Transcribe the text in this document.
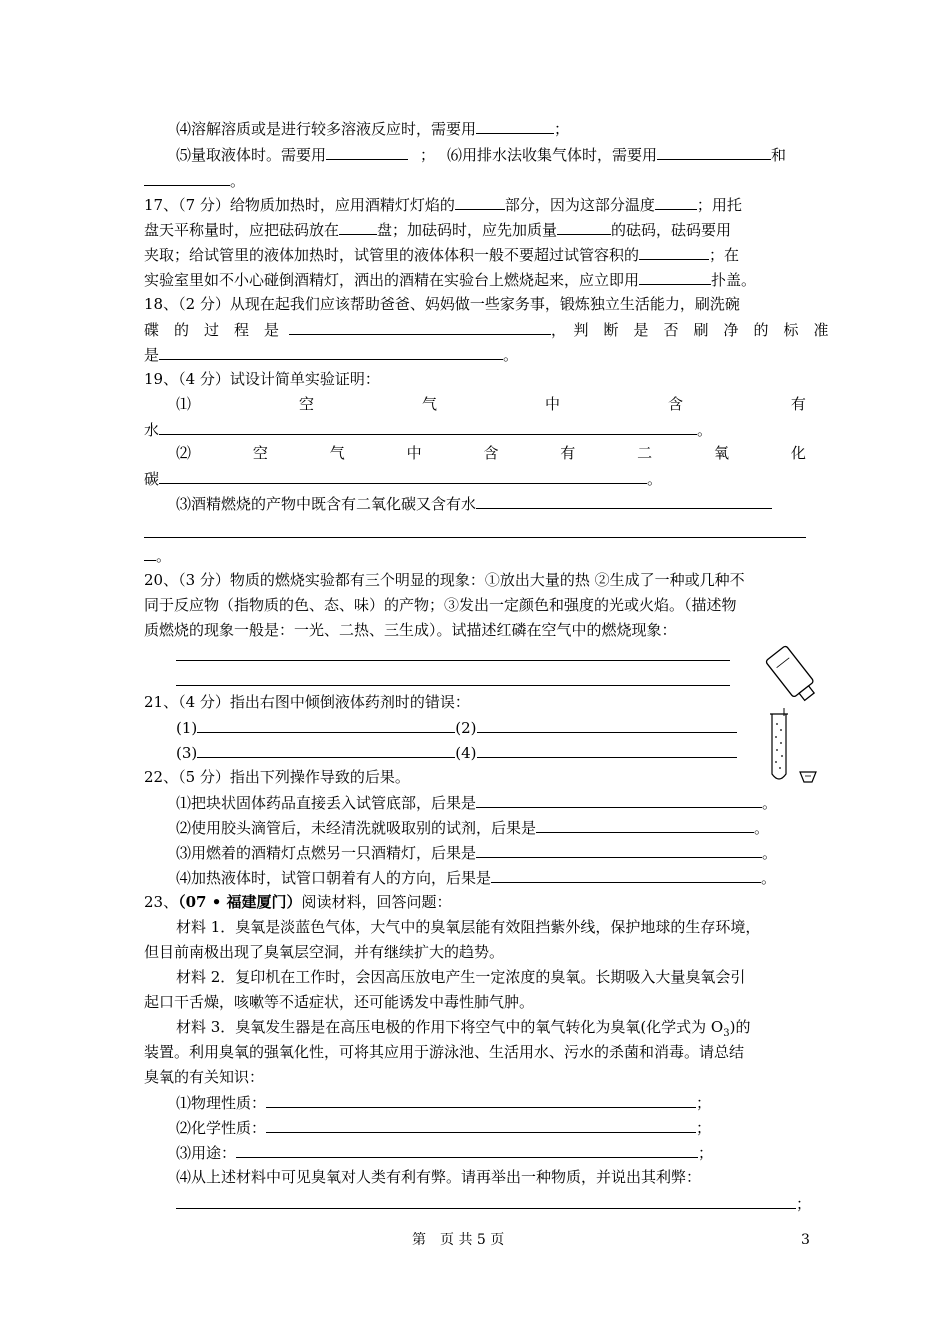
⑷溶解溶质或是进行较多溶液反应时，需要用	；
⑸量取液体时。需要用	； ⑹用排水法收集气体时，需要用	和
。
17、（7 分）给物质加热时，应用酒精灯灯焰的	部分，因为这部分温度	；用托
盘天平称量时，应把砝码放在	盘；加砝码时，应先加质量	的砝码，砝码要用
夹取；给试管里的液体加热时，试管里的液体体积一般不要超过试管容积的	；在
实验室里如不小心碰倒酒精灯，洒出的酒精在实验台上燃烧起来，应立即用	扑盖。
18、（2 分）从现在起我们应该帮助爸爸、妈妈做一些家务事，锻炼独立生活能力，刷洗碗
碟　的　过　程　是	，　判　断　是　否　刷　净　的　标　准
是	。
19、（4 分）试设计简单实验证明：
⑴	空	气	中	含	有
水	。
⑵	空	气	中	含	有	二	氧	化
碳	。
⑶酒精燃烧的产物中既含有二氧化碳又含有水
。
20、（3 分）物质的燃烧实验都有三个明显的现象：①放出大量的热 ②生成了一种或几种不
同于反应物（指物质的色、态、味）的产物；③发出一定颜色和强度的光或火焰。（描述物
质燃烧的现象一般是：一光、二热、三生成）。试描述红磷在空气中的燃烧现象：
21、（4 分）指出右图中倾倒液体药剂时的错误：
(1)	(2)
(3)	(4)
22、（5 分）指出下列操作导致的后果。
⑴把块状固体药品直接丢入试管底部，后果是	。
⑵使用胶头滴管后，未经清洗就吸取别的试剂，后果是	。
⑶用燃着的酒精灯点燃另一只酒精灯，后果是	。
⑷加热液体时，试管口朝着有人的方向，后果是	。
23、（07 • 福建厦门）阅读材料，回答问题：
材料 1．臭氧是淡蓝色气体，大气中的臭氧层能有效阻挡紫外线，保护地球的生存环境，
但目前南极出现了臭氧层空洞，并有继续扩大的趋势。
材料 2．复印机在工作时，会因高压放电产生一定浓度的臭氧。长期吸入大量臭氧会引
起口干舌燥，咳嗽等不适症状，还可能诱发中毒性肺气肿。
材料 3．臭氧发生器是在高压电极的作用下将空气中的氧气转化为臭氧(化学式为 $O_3$)的
装置。利用臭氧的强氧化性，可将其应用于游泳池、生活用水、污水的杀菌和消毒。请总结
臭氧的有关知识：
⑴物理性质：	；
⑵化学性质：	；
⑶用途：	；
⑷从上述材料中可见臭氧对人类有利有弊。请再举出一种物质，并说出其利弊：
；
第　页 共 5 页	3
